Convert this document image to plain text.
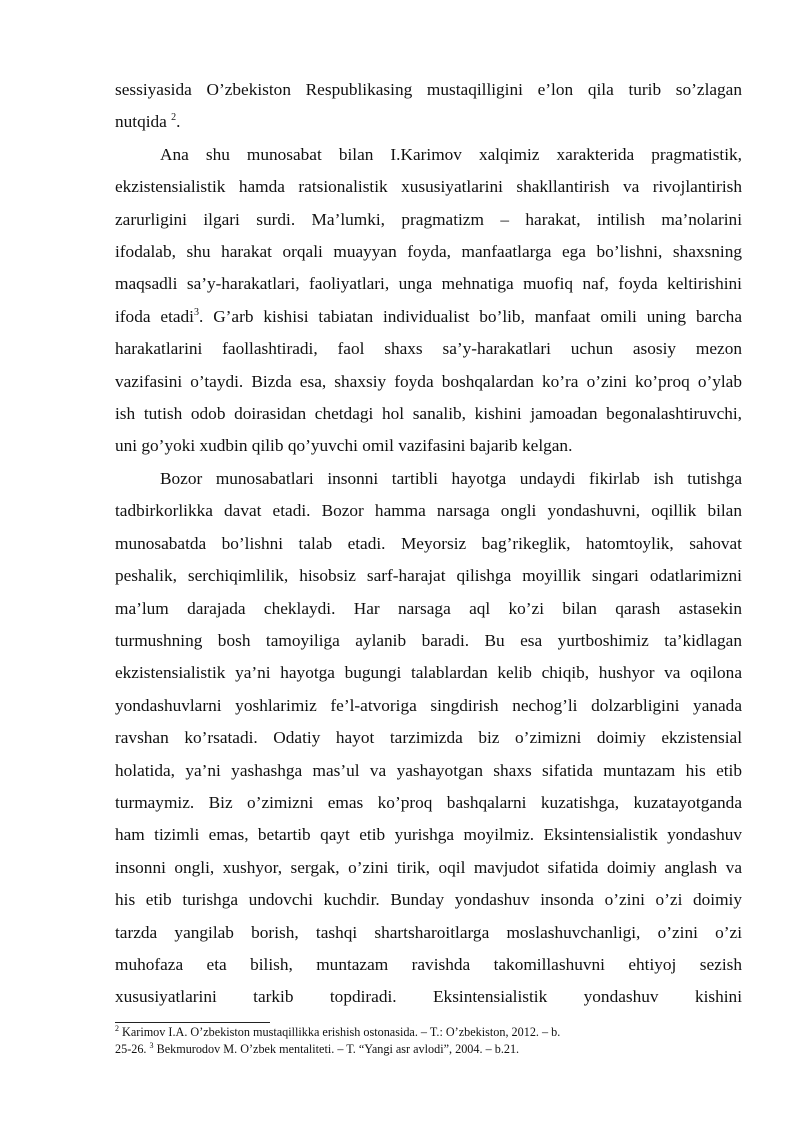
sessiyasida O’zbekiston Respublikasing mustaqilligini e’lon qila turib so’zlagan
nutqida $^2$.

Ana shu munosabat bilan I.Karimov xalqimiz xarakterida pragmatistik,
ekzistensialistik hamda ratsionalistik xususiyatlarini shakllantirish va rivojlantirish
zarurligini ilgari surdi. Ma’lumki, pragmatizm – harakat, intilish ma’nolarini
ifodalab, shu harakat orqali muayyan foyda, manfaatlarga ega bo’lishni, shaxsning
maqsadli sa’y-harakatlari, faoliyatlari, unga mehnatiga muofiq naf, foyda keltirishini
ifoda etadi$^3$. G’arb kishisi tabiatan individualist bo’lib, manfaat omili uning barcha
harakatlarini faollashtiradi, faol shaxs sa’y-harakatlari uchun asosiy mezon
vazifasini o’taydi. Bizda esa, shaxsiy foyda boshqalardan ko’ra o’zini ko’proq o’ylab
ish tutish odob doirasidan chetdagi hol sanalib, kishini jamoadan begonalashtiruvchi,
uni go’yoki xudbin qilib qo’yuvchi omil vazifasini bajarib kelgan.

Bozor munosabatlari insonni tartibli hayotga undaydi fikirlab ish tutishga
tadbirkorlikka davat etadi. Bozor hamma narsaga ongli yondashuvni, oqillik bilan
munosabatda bo’lishni talab etadi. Meyorsiz bag’rikeglik, hatomtoylik, sahovat
peshalik, serchiqimlilik, hisobsiz sarf-harajat qilishga moyillik singari odatlarimizni
ma’lum darajada cheklaydi. Har narsaga aql ko’zi bilan qarash astasekin
turmushning bosh tamoyiliga aylanib baradi. Bu esa yurtboshimiz ta’kidlagan
ekzistensialistik ya’ni hayotga bugungi talablardan kelib chiqib, hushyor va oqilona
yondashuvlarni yoshlarimiz fe’l-atvoriga singdirish nechog’li dolzarbligini yanada
ravshan ko’rsatadi. Odatiy hayot tarzimizda biz o’zimizni doimiy ekzistensial
holatida, ya’ni yashashga mas’ul va yashayotgan shaxs sifatida muntazam his etib
turmaymiz. Biz o’zimizni emas ko’proq bashqalarni kuzatishga, kuzatayotganda
ham tizimli emas, betartib qayt etib yurishga moyilmiz. Eksintensialistik yondashuv
insonni ongli, xushyor, sergak, o’zini tirik, oqil mavjudot sifatida doimiy anglash va
his etib turishga undovchi kuchdir. Bunday yondashuv insonda o’zini o’zi doimiy
tarzda yangilab borish, tashqi shartsharoitlarga moslashuvchanligi, o’zini o’zi
muhofaza eta bilish, muntazam ravishda takomillashuvni ehtiyoj sezish
xususiyatlarini tarkib topdiradi. Eksintensialistik yondashuv kishini

$^2$ Karimov I.A. O’zbekiston mustaqillikka erishish ostonasida. – T.: O’zbekiston, 2012. – b.
25-26. $^3$ Bekmurodov M. O’zbek mentaliteti. – T. “Yangi asr avlodi”, 2004. – b.21.
